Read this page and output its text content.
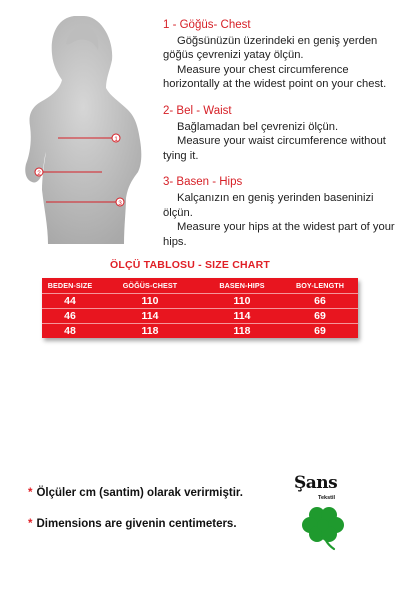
1
2
3
1 - Göğüs- Chest
Göğsünüzün üzerindeki en geniş yerden göğüs çevrenizi yatay ölçün.
Measure your chest circumference horizontally at the widest point on your chest.
2- Bel - Waist
Bağlamadan bel çevrenizi ölçün.
Measure your waist circumference without tying it.
3- Basen - Hips
Kalçanızın en geniş yerinden baseninizi ölçün.
Measure your hips at the widest part of your hips.
ÖLÇÜ TABLOSU - SIZE CHART
BEDEN-SIZE	GÖĞÜS-CHEST	BASEN-HIPS	BOY-LENGTH
44	110	110	66
46	114	114	69
48	118	118	69
* Ölçüler cm (santim) olarak verirmiştir.
* Dimensions are givenin centimeters.
Şans
Tekstil
